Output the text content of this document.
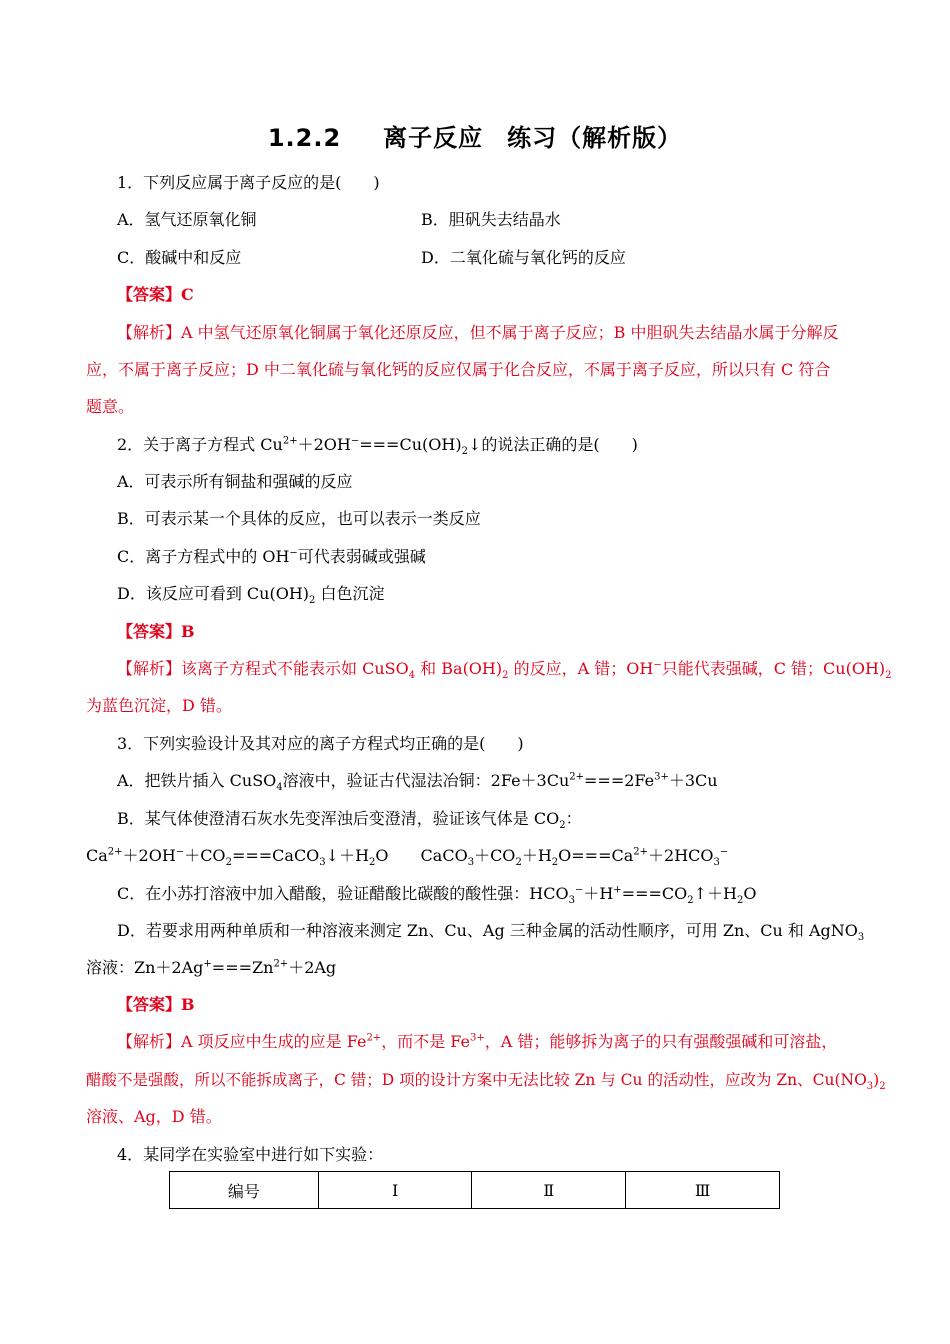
1.2.2 离子反应 练习（解析版）
1．下列反应属于离子反应的是(　　)
A．氢气还原氧化铜	B．胆矾失去结晶水
C．酸碱中和反应	D．二氧化硫与氧化钙的反应
【答案】C
【解析】A 中氢气还原氧化铜属于氧化还原反应，但不属于离子反应；B 中胆矾失去结晶水属于分解反
应，不属于离子反应；D 中二氧化硫与氧化钙的反应仅属于化合反应，不属于离子反应，所以只有 C 符合
题意。
2．关于离子方程式 $Cu^{2+}+2OH^-===Cu(OH)_2↓$的说法正确的是(　　)
A．可表示所有铜盐和强碱的反应
B．可表示某一个具体的反应，也可以表示一类反应
C．离子方程式中的 OH−可代表弱碱或强碱
D．该反应可看到 $Cu(OH)_2$ 白色沉淀
【答案】B
【解析】该离子方程式不能表示如 CuSO$_4$ 和 $Ba(OH)_2$ 的反应，A 错；OH−只能代表强碱，C 错；$Cu(OH)_2$
为蓝色沉淀，D 错。
3．下列实验设计及其对应的离子方程式均正确的是(　　)
A．把铁片插入 CuSO$_4$溶液中，验证古代湿法冶铜：$2Fe+3Cu^{2+}===2Fe^{3+}+3Cu$
B．某气体使澄清石灰水先变浑浊后变澄清，验证该气体是 $CO_2$：
$Ca^{2+}+2OH^-+CO_2===CaCO_3↓+H_2O$　　$CaCO_3+CO_2+H_2O===Ca^{2+}+2HCO_3^-$
C．在小苏打溶液中加入醋酸，验证醋酸比碳酸的酸性强：$HCO_3^-+H^+===CO_2↑+H_2O$
D．若要求用两种单质和一种溶液来测定 Zn、Cu、Ag 三种金属的活动性顺序，可用 Zn、Cu 和 AgNO$_3$
溶液：$Zn+2Ag^+===Zn^{2+}+2Ag$
【答案】B
【解析】A 项反应中生成的应是 $Fe^{2+}$，而不是 $Fe^{3+}$，A 错；能够拆为离子的只有强酸强碱和可溶盐，
醋酸不是强酸，所以不能拆成离子，C 错；D 项的设计方案中无法比较 Zn 与 Cu 的活动性，应改为 Zn、$Cu(NO_3)_2$
溶液、Ag，D 错。
4．某同学在实验室中进行如下实验：
编号	Ⅰ	Ⅱ	Ⅲ
